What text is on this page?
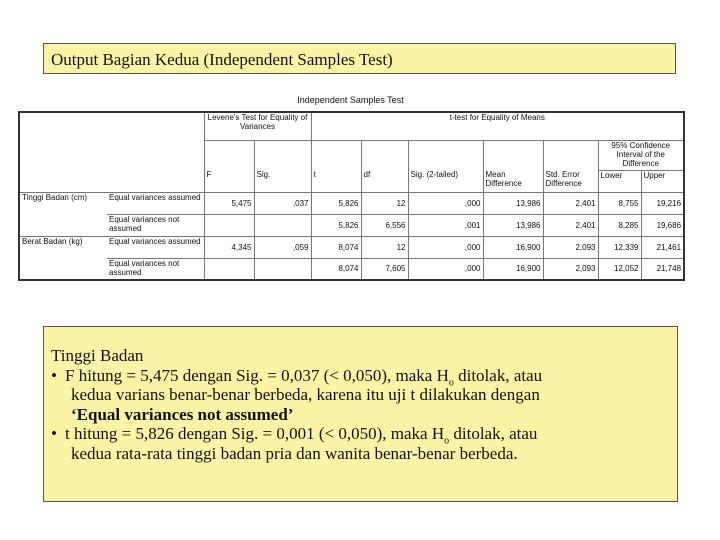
Output Bagian Kedua (Independent Samples Test)
Independent Samples Test
		Levene's Test for Equality of Variances		t-test for Equality of Means						
									95% Confidence Interval of the Difference	
		F	Sig.	t	df	Sig. (2-tailed)	Mean Difference	Std. Error Difference	Lower	Upper
Tinggi Badan (cm)	Equal variances assumed	5,475	,037	5,826	12	,000	13,986	2,401	8,755	19,216
	Equal variances not assumed			5,826	6,556	,001	13,986	2,401	8,285	19,686
Berat Badan (kg)	Equal variances assumed	4,345	,059	8,074	12	,000	16,900	2,093	12,339	21,461
	Equal variances not assumed			8,074	7,605	,000	16,900	2,093	12,052	21,748
Tinggi Badan
• F hitung = 5,475 dengan Sig. = 0,037 (< 0,050), maka $H_o$ ditolak, atau
kedua varians benar-benar berbeda, karena itu uji t dilakukan dengan
‘Equal variances not assumed’
• t hitung = 5,826 dengan Sig. = 0,001 (< 0,050), maka $H_o$ ditolak, atau
kedua rata-rata tinggi badan pria dan wanita benar-benar berbeda.
